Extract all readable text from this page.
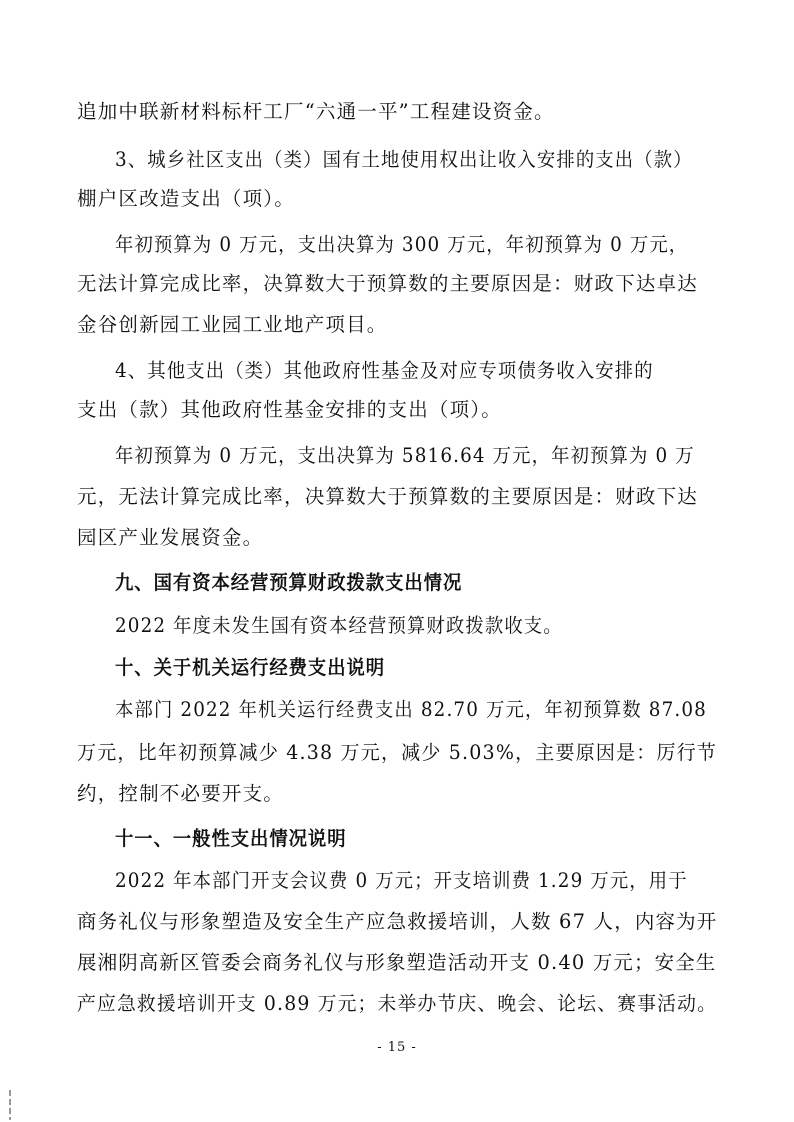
追加中联新材料标杆工厂“六通一平”工程建设资金。
3、城乡社区支出（类）国有土地使用权出让收入安排的支出（款）
棚户区改造支出（项）。
年初预算为 0 万元，支出决算为 300 万元，年初预算为 0 万元，
无法计算完成比率，决算数大于预算数的主要原因是：财政下达卓达
金谷创新园工业园工业地产项目。
4、其他支出（类）其他政府性基金及对应专项债务收入安排的
支出（款）其他政府性基金安排的支出（项）。
年初预算为 0 万元，支出决算为 5816.64 万元，年初预算为 0 万
元，无法计算完成比率，决算数大于预算数的主要原因是：财政下达
园区产业发展资金。
九、国有资本经营预算财政拨款支出情况
2022 年度未发生国有资本经营预算财政拨款收支。
十、关于机关运行经费支出说明
本部门 2022 年机关运行经费支出 82.70 万元，年初预算数 87.08
万元，比年初预算减少 4.38 万元，减少 5.03%，主要原因是：厉行节
约，控制不必要开支。
十一、一般性支出情况说明
2022 年本部门开支会议费 0 万元；开支培训费 1.29 万元，用于
商务礼仪与形象塑造及安全生产应急救援培训，人数 67 人，内容为开
展湘阴高新区管委会商务礼仪与形象塑造活动开支 0.40 万元；安全生
产应急救援培训开支 0.89 万元；未举办节庆、晚会、论坛、赛事活动。
- 15 -
